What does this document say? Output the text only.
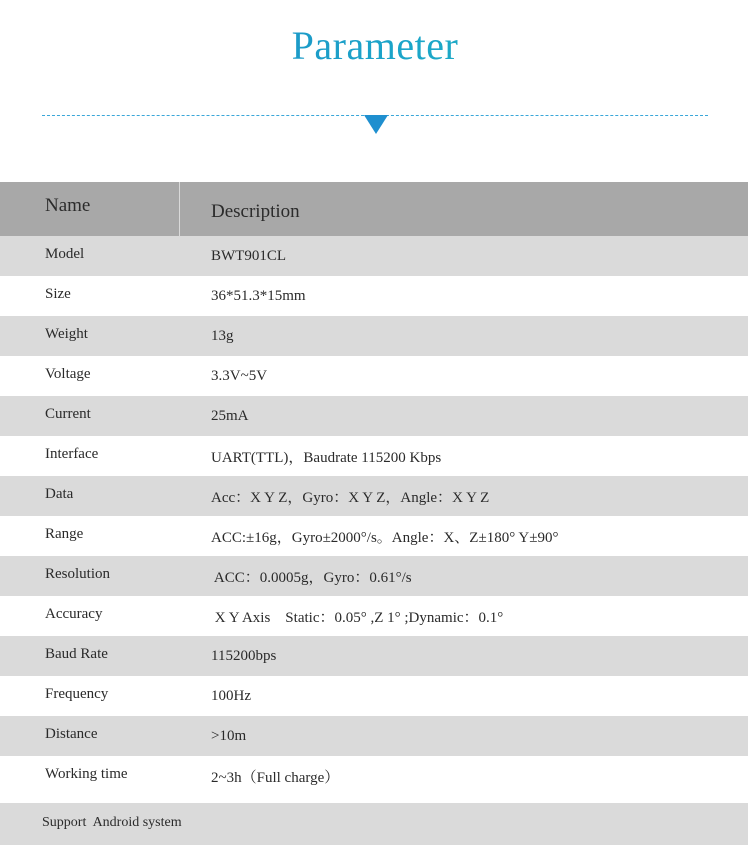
Parameter
Name	Description
Model	BWT901CL
Size	36*51.3*15mm
Weight	13g
Voltage	3.3V~5V
Current	25mA
Interface	UART(TTL)，Baudrate 115200 Kbps
Data	Acc：X Y Z，Gyro：X Y Z，Angle：X Y Z
Range	ACC:±16g，Gyro±2000°/s。Angle：X、Z±180° Y±90°
Resolution	ACC：0.0005g，Gyro：0.61°/s
Accuracy	X Y Axis    Static：0.05° ,Z 1° ;Dynamic：0.1°
Baud Rate	115200bps
Frequency	100Hz
Distance	>10m
Working time	2~3h（Full charge）
Support  Android system
